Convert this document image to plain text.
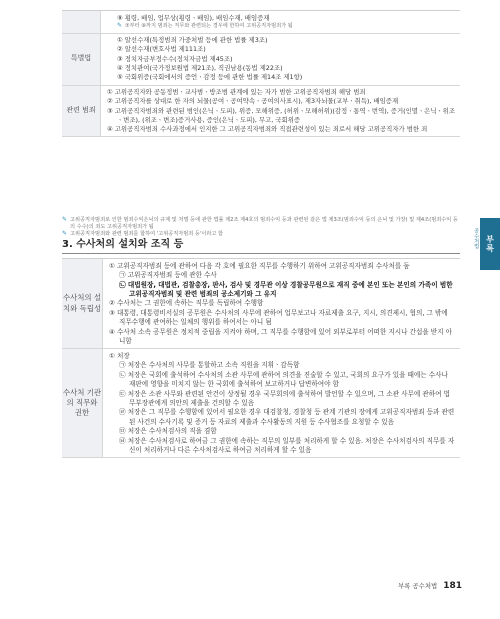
⑨ 횡령, 배임, 업무상(횡령ㆍ배임), 배임수재, 배임증재

✎ ⑦부터 ⑨까지 범죄는 직무와 관련되는 경우에 한하여 고위공직자범죄가 됨

특별법

① 알선수재(특정범죄 가중처벌 등에 관한 법률 제3조)

② 알선수재(변호사법 제111조)

③ 정치자금부정수수(정치자금법 제45조)

④ 정치관여(국가정보원법 제21조), 직권남용(동법 제22조)

⑤ 국회위증(국회에서의 증언ㆍ감정 등에 관한 법률 제14조 제1항)

관련 범죄

① 고위공직자와 공동정범ㆍ교사범ㆍ방조범 관계에 있는 자가 범한 고위공직자범죄 해당 범죄

② 고위공직자를 상대로 한 자의 뇌물(공여ㆍ공여약속ㆍ공여의사표시), 제3자뇌물(교부ㆍ취득), 배임증재

③ 고위공직자범죄와 관련된 범인(은닉ㆍ도피), 위증, 모해위증, (허위ㆍ모해허위)(감정ㆍ통역ㆍ번역), 증거(인멸ㆍ은닉ㆍ위조ㆍ변조), (위조ㆍ변조)증거사용, 증인(은닉ㆍ도피), 무고, 국회위증

④ 고위공직자범죄 수사과정에서 인지한 그 고위공직자범죄와 직접관련성이 있는 죄로서 해당 고위공직자가 범한 죄

✎ 고위공직자범죄로 인한 범죄수익은닉의 규제 및 처벌 등에 관한 법률 제2조 제4호의 범죄수익 등과 관련된 같은 법 제3조(범죄수익 등의 은닉 및 가장) 및 제4조(범죄수익 등의 수수)의 죄도 고위공직자범죄가 됨

✎ 고위공직자범죄와 관련 범죄를 합하여 '고위공직자범죄 등'이라고 함

3. 수사처의 설치와 조직 등
수사처의 설치와 독립성

① 고위공직자범죄 등에 관하여 다음 각 호에 필요한 직무를 수행하기 위하여 고위공직자범죄 수사처를 둠

㉠ 고위공직자범죄 등에 관한 수사

㉡ 대법원장, 대법관, 검찰총장, 판사, 검사 및 경무관 이상 경찰공무원으로 재직 중에 본인 또는 본인의 가족이 범한 고위공직자범죄 및 관련 범죄의 공소제기와 그 유지

② 수사처는 그 권한에 속하는 직무를 독립하여 수행함

③ 대통령, 대통령비서실의 공무원은 수사처의 사무에 관하여 업무보고나 자료제출 요구, 지시, 의견제시, 협의, 그 밖에 직무수행에 관여하는 일체의 행위를 하여서는 아니 됨

④ 수사처 소속 공무원은 정치적 중립을 지켜야 하며, 그 직무를 수행함에 있어 외부로부터 어떠한 지시나 간섭을 받지 아니함

수사처 기관의 직무와 권한

① 처장

㉠ 처장은 수사처의 사무를 통할하고 소속 직원을 지휘ㆍ감독함

㉡ 처장은 국회에 출석하여 수사처의 소관 사무에 관하여 의견을 진술할 수 있고, 국회의 요구가 있을 때에는 수사나 재판에 영향을 미치지 않는 한 국회에 출석하여 보고하거나 답변하여야 함

㉢ 처장은 소관 사무와 관련된 안건이 상정될 경우 국무회의에 출석하여 발언할 수 있으며, 그 소관 사무에 관하여 법무부장관에게 의안의 제출을 건의할 수 있음

㉣ 처장은 그 직무를 수행함에 있어서 필요한 경우 대검찰청, 경찰청 등 관계 기관의 장에게 고위공직자범죄 등과 관련된 사건의 수사기록 및 증거 등 자료의 제출과 수사활동의 지원 등 수사협조를 요청할 수 있음

㉤ 처장은 수사처검사의 직을 겸함

㉥ 처장은 수사처검사로 하여금 그 권한에 속하는 직무의 일부를 처리하게 할 수 있음. 처장은 수사처검사의 직무를 자신이 처리하거나 다른 수사처검사로 하여금 처리하게 할 수 있음

공수처법 부록
부록 공수처법 181
